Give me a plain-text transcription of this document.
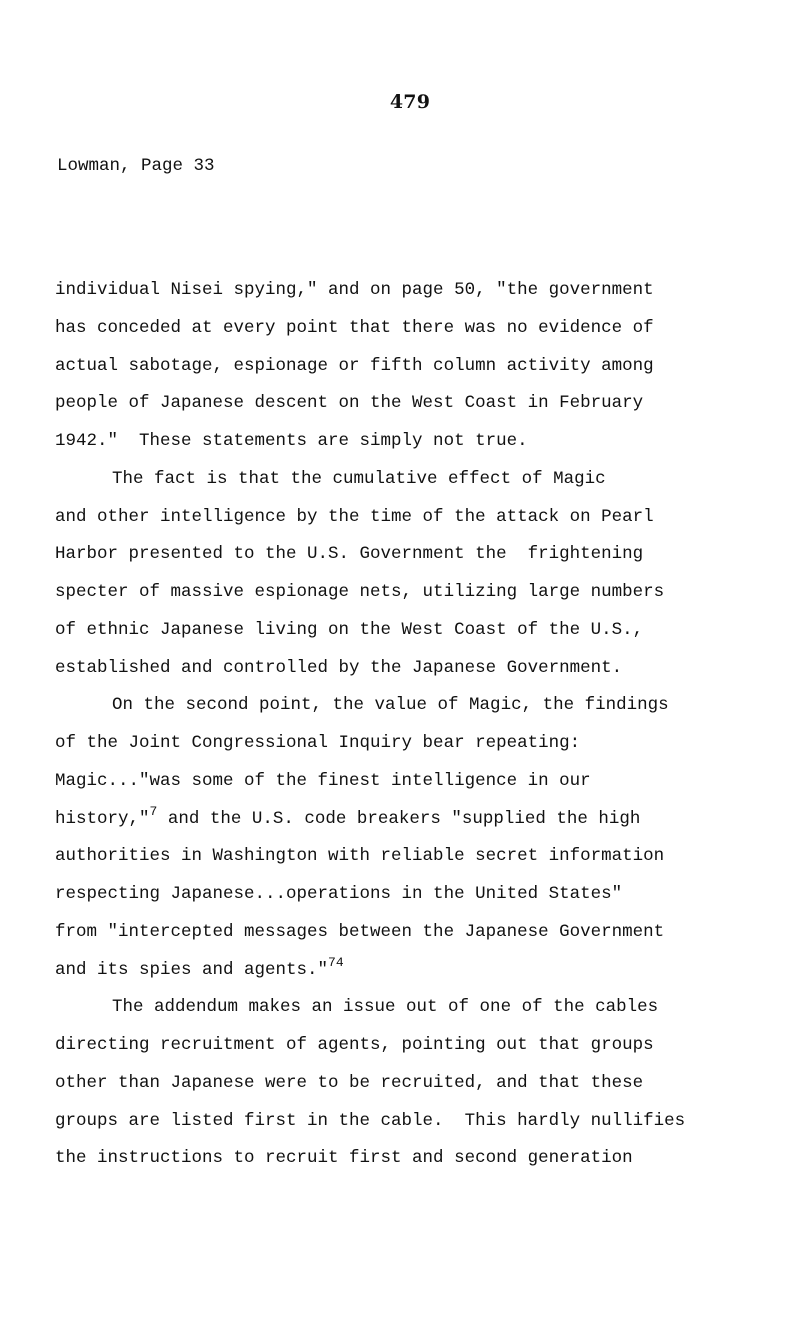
479
Lowman, Page 33
individual Nisei spying," and on page 50, "the government
has conceded at every point that there was no evidence of
actual sabotage, espionage or fifth column activity among
people of Japanese descent on the West Coast in February
1942."  These statements are simply not true.
The fact is that the cumulative effect of Magic
and other intelligence by the time of the attack on Pearl
Harbor presented to the U.S. Government the  frightening
specter of massive espionage nets, utilizing large numbers
of ethnic Japanese living on the West Coast of the U.S.,
established and controlled by the Japanese Government.
On the second point, the value of Magic, the findings
of the Joint Congressional Inquiry bear repeating:
Magic..."was some of the finest intelligence in our
history,"$^7$ and the U.S. code breakers "supplied the high
authorities in Washington with reliable secret information
respecting Japanese...operations in the United States"
from "intercepted messages between the Japanese Government
and its spies and agents."$^{74}$
The addendum makes an issue out of one of the cables
directing recruitment of agents, pointing out that groups
other than Japanese were to be recruited, and that these
groups are listed first in the cable.  This hardly nullifies
the instructions to recruit first and second generation
